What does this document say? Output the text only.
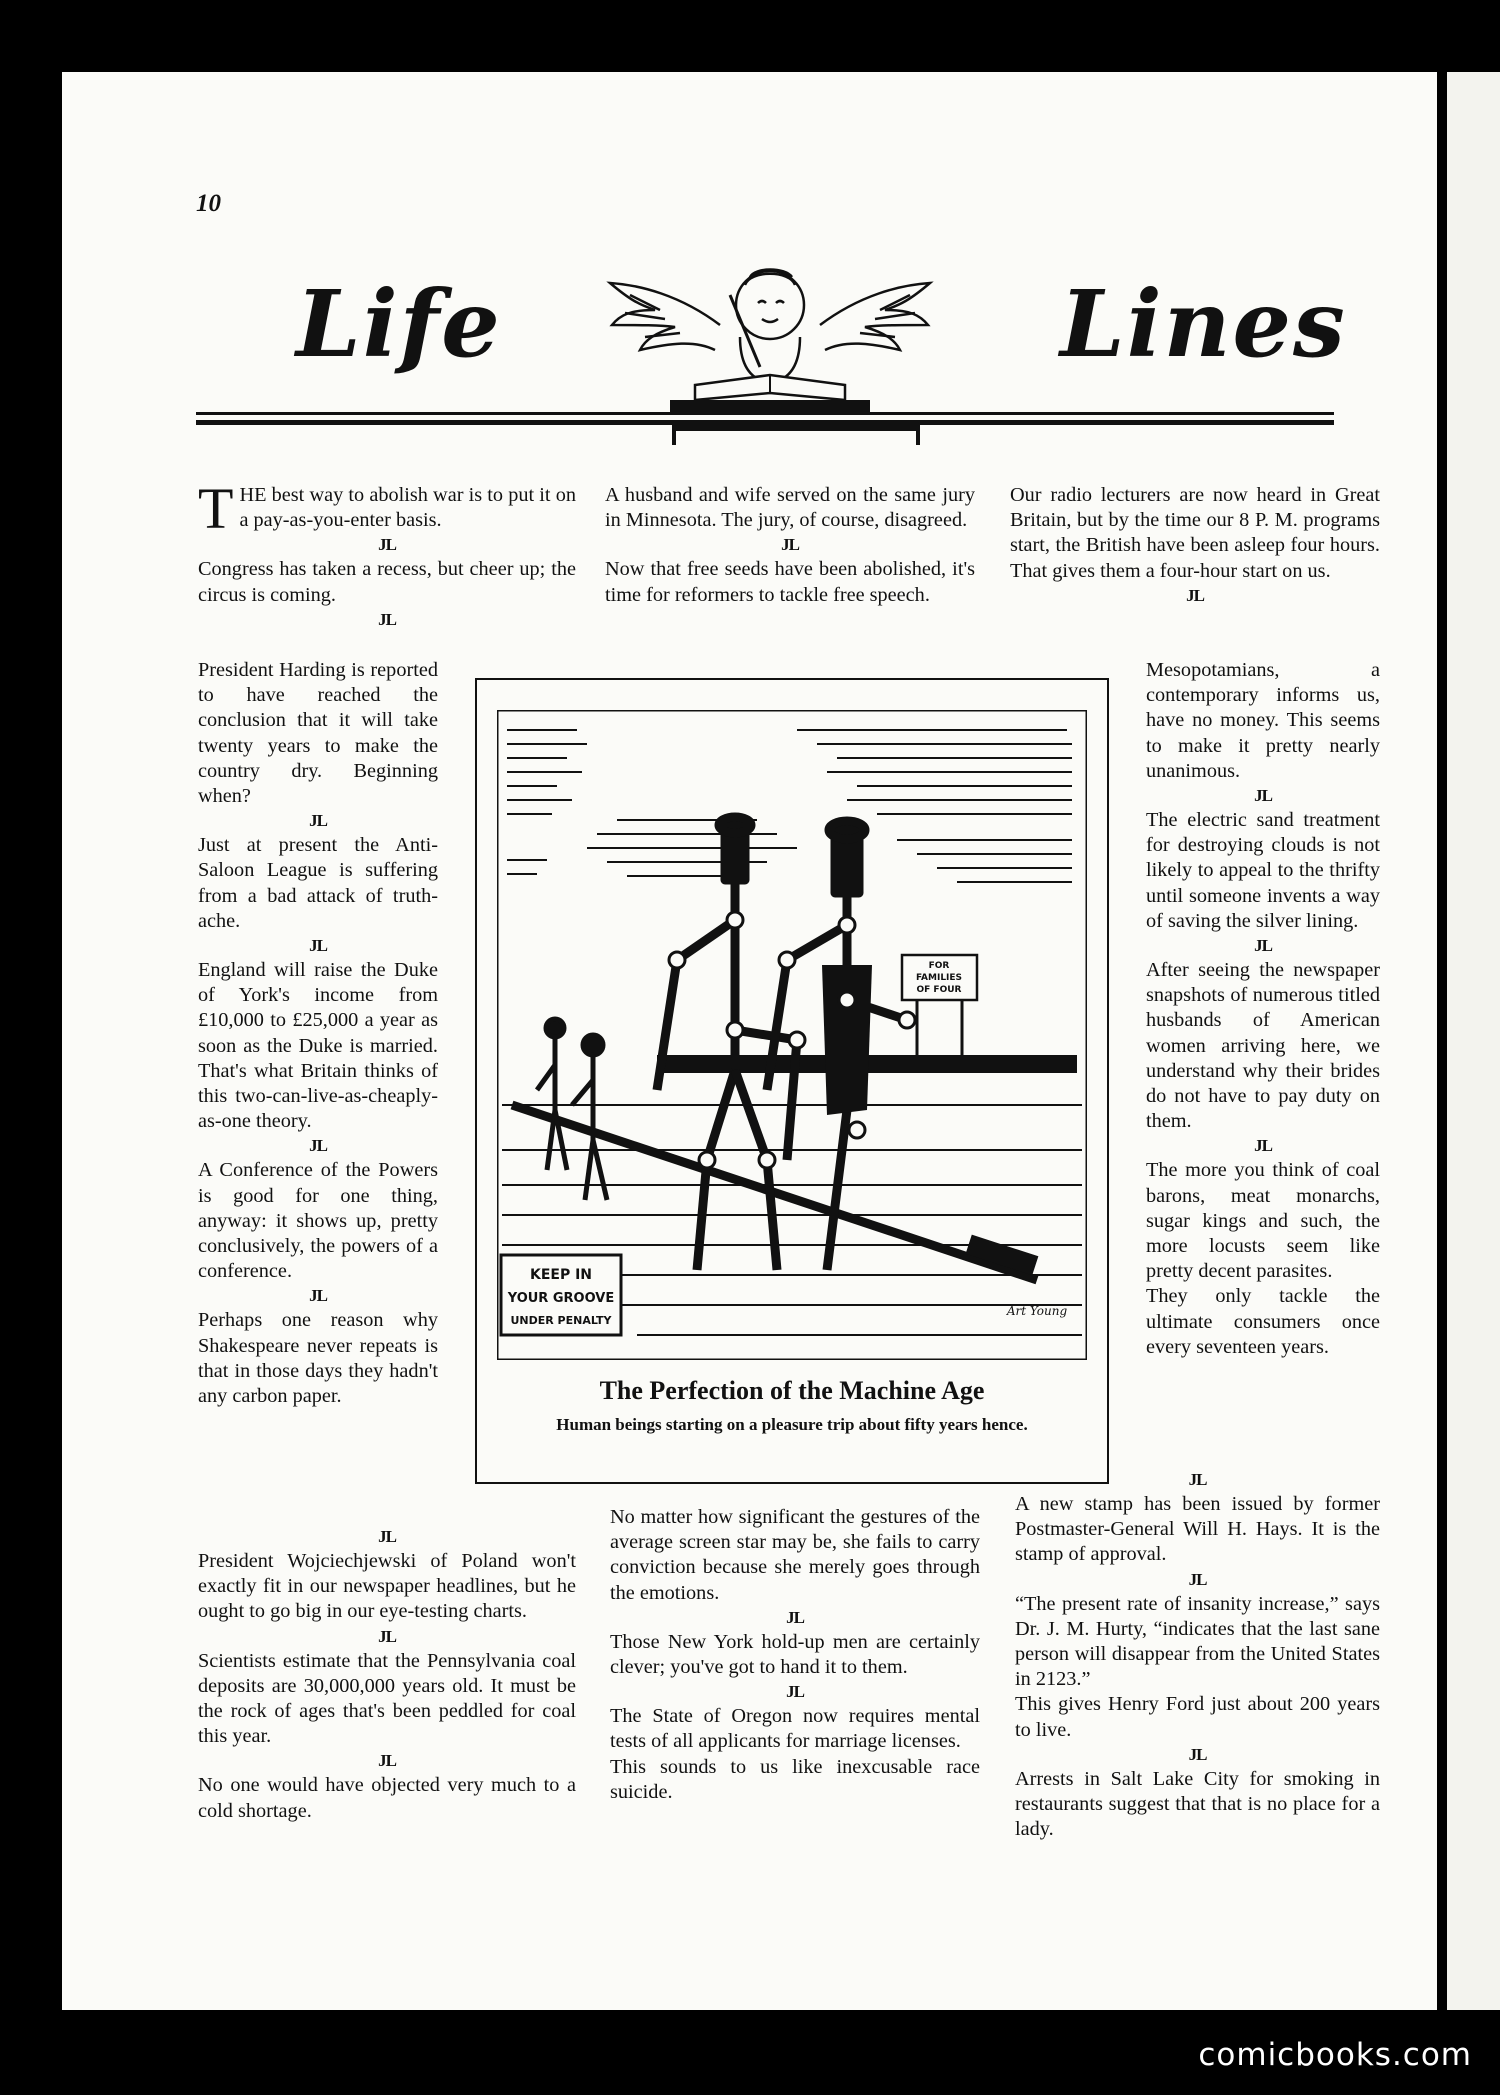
10
Life	Lines

THE best way to abolish war is to put it on a pay-as-you-enter basis.

JL

Congress has taken a recess, but cheer up; the circus is coming.

JL

President Harding is reported to have reached the conclusion that it will take twenty years to make the country dry. Beginning when?

JL

Just at present the Anti-Saloon League is suffering from a bad attack of truth-ache.

JL

England will raise the Duke of York's income from £10,000 to £25,000 a year as soon as the Duke is married. That's what Britain thinks of this two-can-live-as-cheaply-as-one theory.

JL

A Conference of the Powers is good for one thing, anyway: it shows up, pretty conclusively, the powers of a conference.

JL

Perhaps one reason why Shakespeare never repeats is that in those days they hadn't any carbon paper.

JL

President Wojciechjewski of Poland won't exactly fit in our newspaper headlines, but he ought to go big in our eye-testing charts.

JL

Scientists estimate that the Pennsylvania coal deposits are 30,000,000 years old. It must be the rock of ages that's been peddled for coal this year.

JL

No one would have objected very much to a cold shortage.

A husband and wife served on the same jury in Minnesota. The jury, of course, disagreed.

JL

Now that free seeds have been abolished, it's time for reformers to tackle free speech.

No matter how significant the gestures of the average screen star may be, she fails to carry conviction because she merely goes through the emotions.

JL

Those New York hold-up men are certainly clever; you've got to hand it to them.

JL

The State of Oregon now requires mental tests of all applicants for marriage licenses.

This sounds to us like inexcusable race suicide.

Our radio lecturers are now heard in Great Britain, but by the time our 8 P. M. programs start, the British have been asleep four hours. That gives them a four-hour start on us.

JL

Mesopotamians, a contemporary informs us, have no money. This seems to make it pretty nearly unanimous.

JL

The electric sand treatment for destroying clouds is not likely to appeal to the thrifty until someone invents a way of saving the silver lining.

JL

After seeing the newspaper snapshots of numerous titled husbands of American women arriving here, we understand why their brides do not have to pay duty on them.

JL

The more you think of coal barons, meat monarchs, sugar kings and such, the more locusts seem like pretty decent parasites.

They only tackle the ultimate consumers once every seventeen years.

JL

A new stamp has been issued by former Postmaster-General Will H. Hays. It is the stamp of approval.

JL

“The present rate of insanity increase,” says Dr. J. M. Hurty, “indicates that the last sane person will disappear from the United States in 2123.”

This gives Henry Ford just about 200 years to live.

JL

Arrests in Salt Lake City for smoking in restaurants suggest that that is no place for a lady.

FOR
FAMILIES
OF FOUR
KEEP IN
YOUR GROOVE
UNDER PENALTY
Art Young
The Perfection of the Machine Age
Human beings starting on a pleasure trip about fifty years hence.
comicbooks.com
